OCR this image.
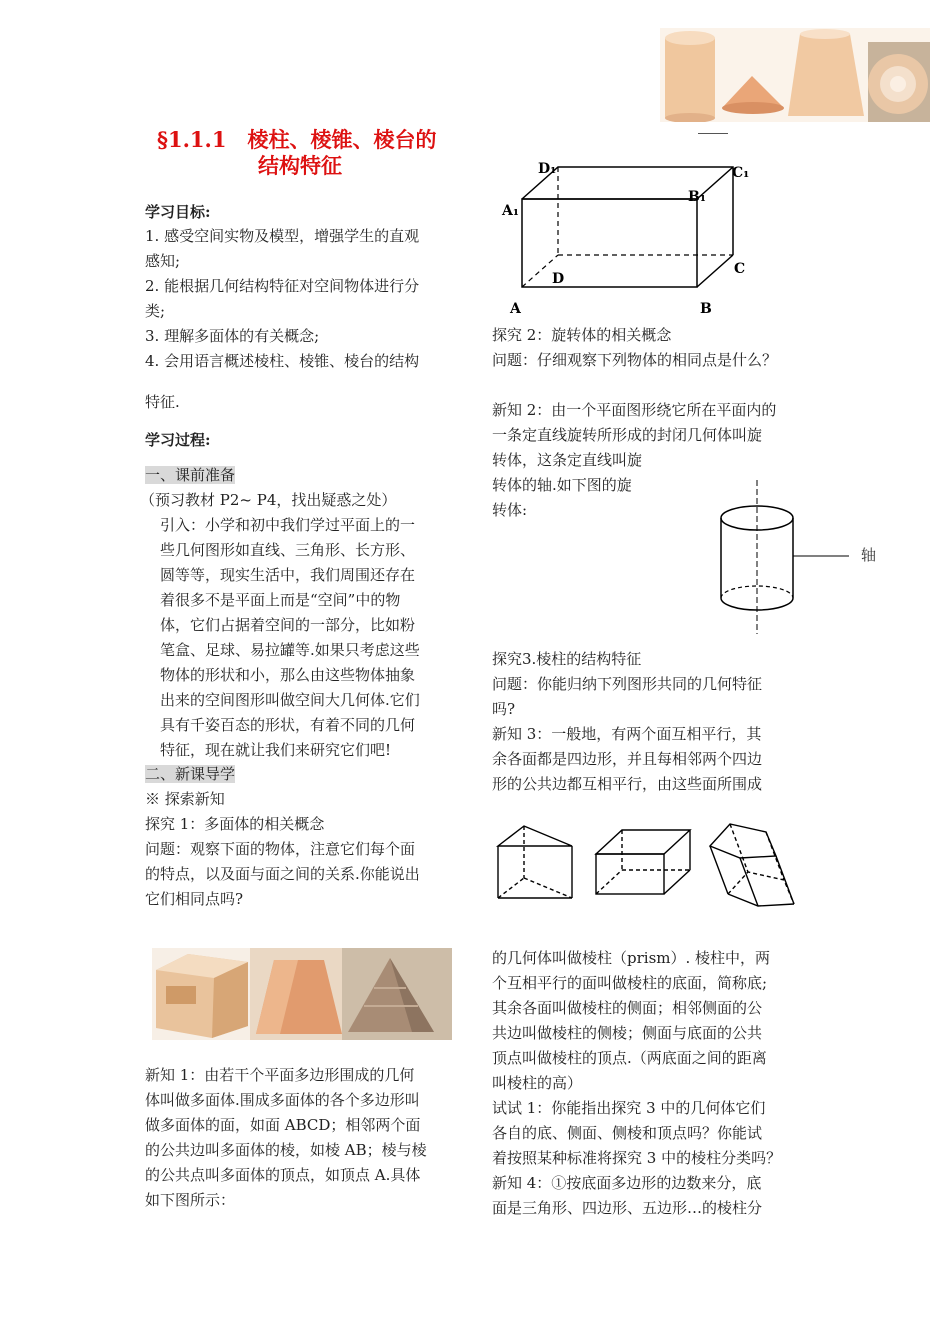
§1.1.1　棱柱、棱锥、棱台的
结构特征
学习目标:
1. 感受空间实物及模型，增强学生的直观
感知;
2. 能根据几何结构特征对空间物体进行分
类;
3. 理解多面体的有关概念;
4. 会用语言概述棱柱、棱锥、棱台的结构
特征.
学习过程:
一、课前准备
（预习教材 P2~ P4，找出疑惑之处）
引入：小学和初中我们学过平面上的一
些几何图形如直线、三角形、长方形、
圆等等，现实生活中，我们周围还存在
着很多不是平面上而是“空间”中的物
体，它们占据着空间的一部分，比如粉
笔盒、足球、易拉罐等.如果只考虑这些
物体的形状和小，那么由这些物体抽象
出来的空间图形叫做空间大几何体.它们
具有千姿百态的形状，有着不同的几何
特征，现在就让我们来研究它们吧!
二、新课导学
※ 探索新知
探究 1：多面体的相关概念
问题：观察下面的物体，注意它们每个面
的特点，以及面与面之间的关系.你能说出
它们相同点吗?
新知 1：由若干个平面多边形围成的几何
体叫做多面体.围成多面体的各个多边形叫
做多面体的面，如面 ABCD；相邻两个面
的公共边叫多面体的棱，如棱 AB；棱与棱
的公共点叫多面体的顶点，如顶点 A.具体
如下图所示：
D₁	C₁
A₁
B₁
D
C
A	B
探究 2：旋转体的相关概念
问题：仔细观察下列物体的相同点是什么？
新知 2：由一个平面图形绕它所在平面内的
一条定直线旋转所形成的封闭几何体叫旋
转体，这条定直线叫旋
转体的轴.如下图的旋
转体:
轴
探究3.棱柱的结构特征
问题：你能归纳下列图形共同的几何特征
吗?
新知 3：一般地，有两个面互相平行，其
余各面都是四边形，并且每相邻两个四边
形的公共边都互相平行，由这些面所围成
的几何体叫做棱柱（prism）. 棱柱中，两
个互相平行的面叫做棱柱的底面，简称底;
其余各面叫做棱柱的侧面；相邻侧面的公
共边叫做棱柱的侧棱；侧面与底面的公共
顶点叫做棱柱的顶点.（两底面之间的距离
叫棱柱的高）
试试 1：你能指出探究 3 中的几何体它们
各自的底、侧面、侧棱和顶点吗？你能试
着按照某种标准将探究 3 中的棱柱分类吗？
新知 4：①按底面多边形的边数来分，底
面是三角形、四边形、五边形…的棱柱分
